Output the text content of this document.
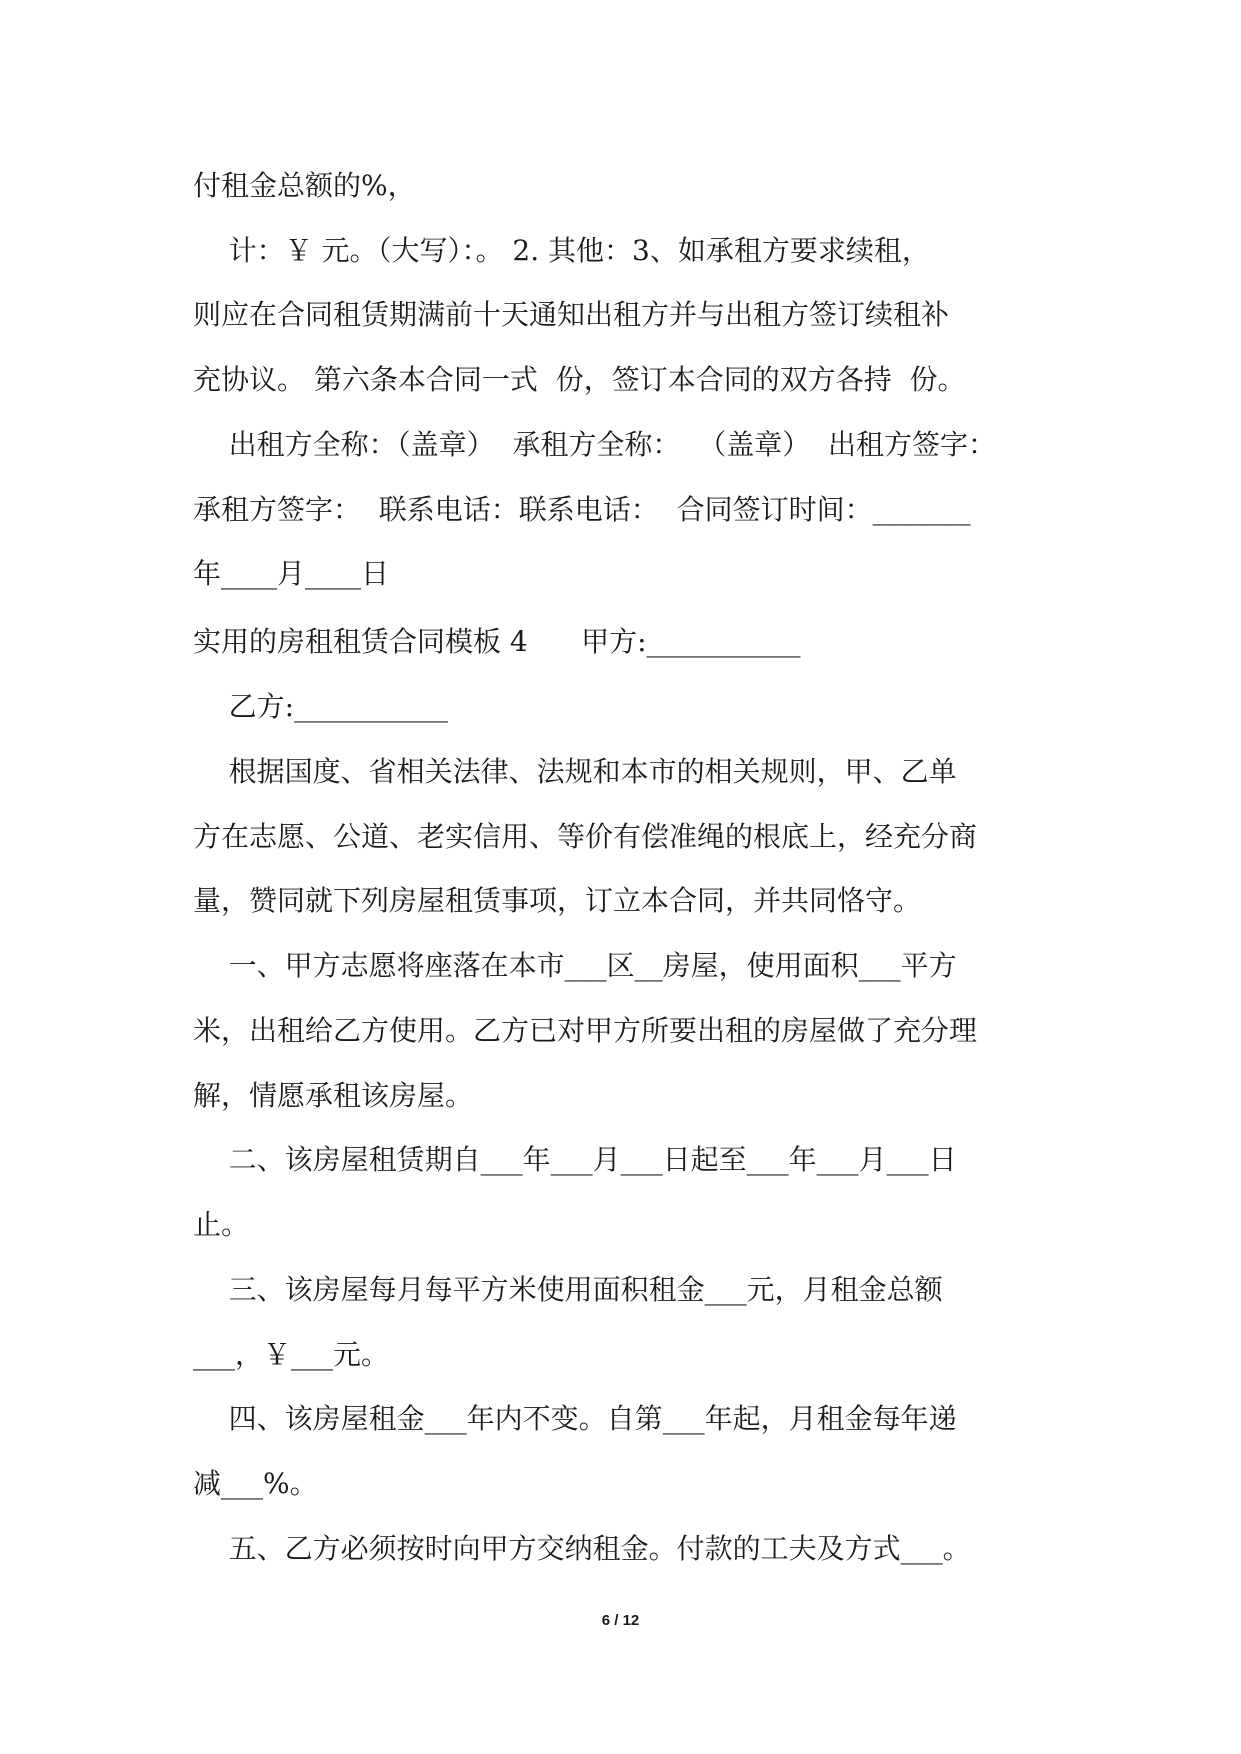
付租金总额的%，
计：￥ 元。（大写）：。 2. 其他：3、如承租方要求续租，
则应在合同租赁期满前十天通知出租方并与出租方签订续租补
充协议。 第六条本合同一式  份，签订本合同的双方各持  份。
出租方全称：（盖章）  承租方全称：  （盖章）  出租方签字：
承租方签字：  联系电话：联系电话：  合同签订时间：_______
年____月____日
实用的房租租赁合同模板 4      甲方:___________
乙方:___________
根据国度、省相关法律、法规和本市的相关规则，甲、乙单
方在志愿、公道、老实信用、等价有偿准绳的根底上，经充分商
量，赞同就下列房屋租赁事项，订立本合同，并共同恪守。
一、甲方志愿将座落在本市___区__房屋，使用面积___平方
米，出租给乙方使用。乙方已对甲方所要出租的房屋做了充分理
解，情愿承租该房屋。
二、该房屋租赁期自___年___月___日起至___年___月___日
止。
三、该房屋每月每平方米使用面积租金___元，月租金总额
___，￥___元。
四、该房屋租金___年内不变。自第___年起，月租金每年递
减___%。
五、乙方必须按时向甲方交纳租金。付款的工夫及方式___。
6 / 12
